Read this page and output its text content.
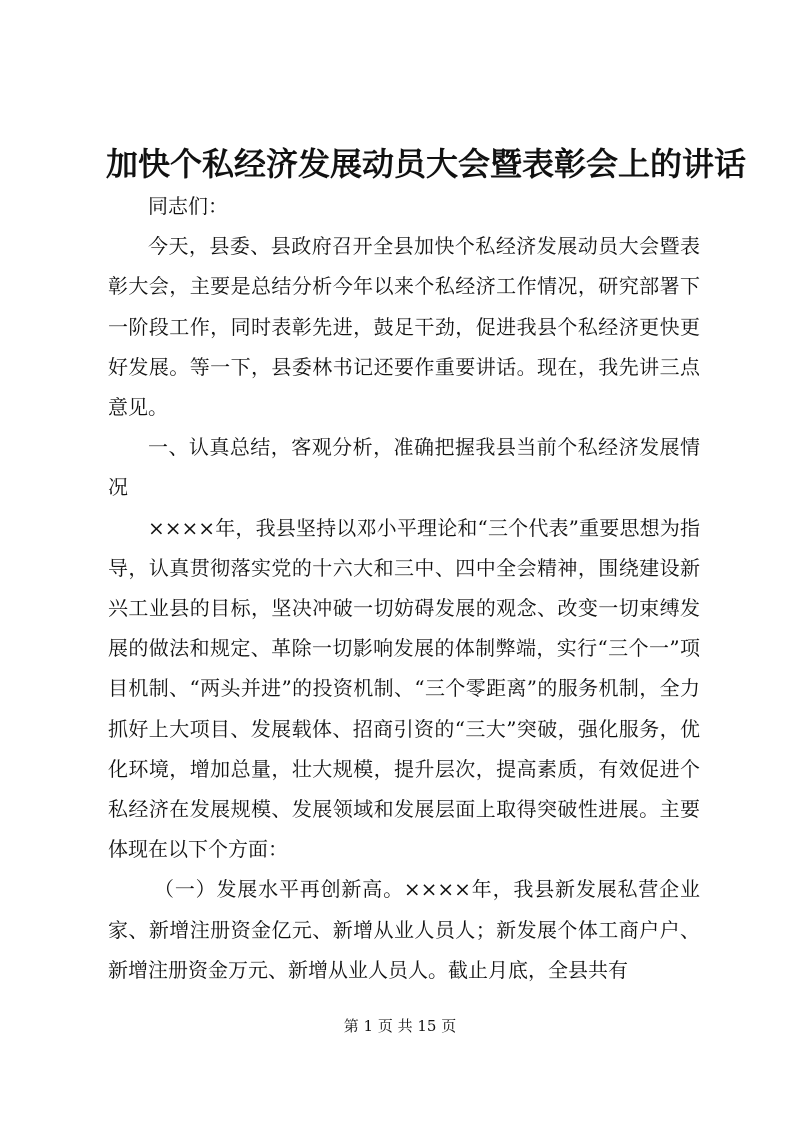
加快个私经济发展动员大会暨表彰会上的讲话

同志们：

今天，县委、县政府召开全县加快个私经济发展动员大会暨表彰大会，主要是总结分析今年以来个私经济工作情况，研究部署下一阶段工作，同时表彰先进，鼓足干劲，促进我县个私经济更快更好发展。等一下，县委林书记还要作重要讲话。现在，我先讲三点意见。

一、认真总结，客观分析，准确把握我县当前个私经济发展情况

××××年，我县坚持以邓小平理论和“三个代表”重要思想为指导，认真贯彻落实党的十六大和三中、四中全会精神，围绕建设新兴工业县的目标，坚决冲破一切妨碍发展的观念、改变一切束缚发展的做法和规定、革除一切影响发展的体制弊端，实行“三个一”项目机制、“两头并进”的投资机制、“三个零距离”的服务机制，全力抓好上大项目、发展载体、招商引资的“三大”突破，强化服务，优化环境，增加总量，壮大规模，提升层次，提高素质，有效促进个私经济在发展规模、发展领域和发展层面上取得突破性进展。主要体现在以下个方面：

（一）发展水平再创新高。××××年，我县新发展私营企业家、新增注册资金亿元、新增从业人员人；新发展个体工商户户、新增注册资金万元、新增从业人员人。截止月底，全县共有

第 1 页 共 15 页
